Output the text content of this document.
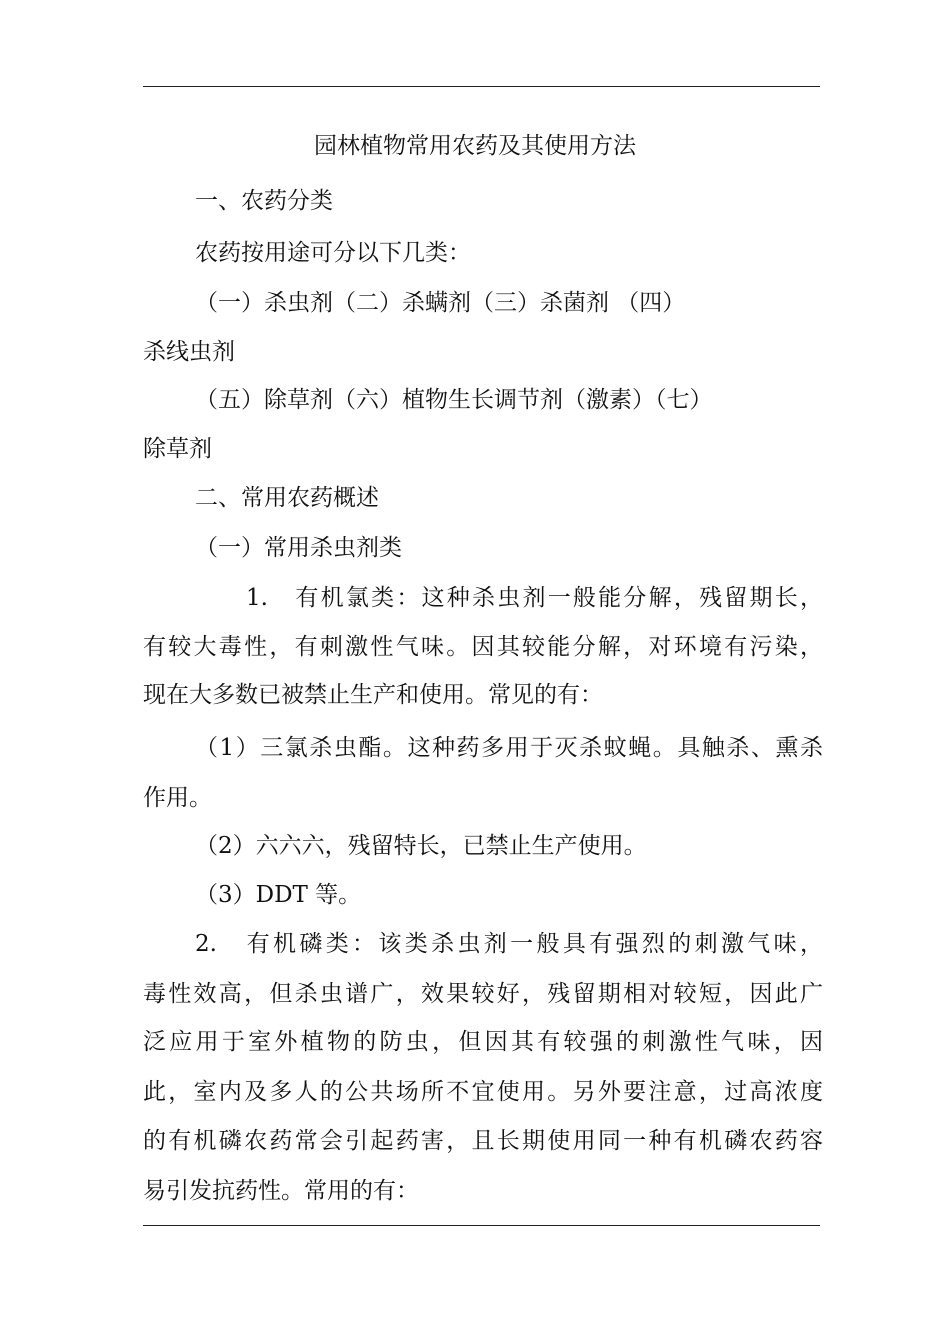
园林植物常用农药及其使用方法
一、农药分类
农药按用途可分以下几类：
（一）杀虫剂（二）杀螨剂（三）杀菌剂 （四）
杀线虫剂
（五）除草剂（六）植物生长调节剂（激素）（七）
除草剂
二、常用农药概述
（一）常用杀虫剂类
1.　有机氯类：这种杀虫剂一般能分解，残留期长，
有较大毒性，有刺激性气味。因其较能分解，对环境有污染，
现在大多数已被禁止生产和使用。常见的有：
（1）三氯杀虫酯。这种药多用于灭杀蚊蝇。具触杀、熏杀
作用。
（2）六六六，残留特长，已禁止生产使用。
（3）DDT 等。
2.　有机磷类：该类杀虫剂一般具有强烈的刺激气味，
毒性效高，但杀虫谱广，效果较好，残留期相对较短，因此广
泛应用于室外植物的防虫，但因其有较强的刺激性气味，因
此，室内及多人的公共场所不宜使用。另外要注意，过高浓度
的有机磷农药常会引起药害，且长期使用同一种有机磷农药容
易引发抗药性。常用的有：
